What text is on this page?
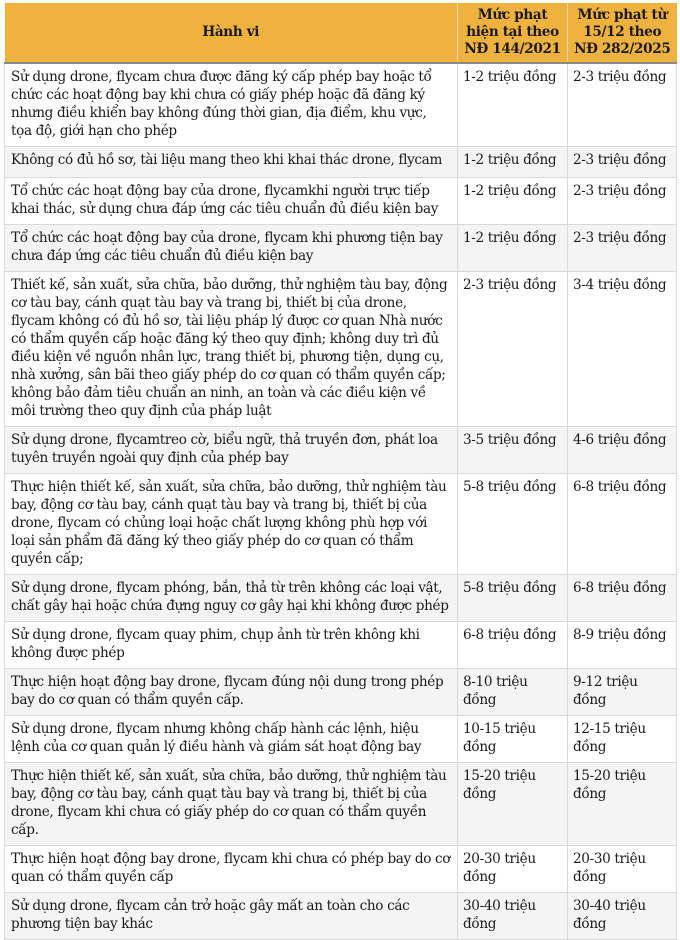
Hành vi	Mức phạt hiện tại theo NĐ 144/2021	Mức phạt từ 15/12 theo NĐ 282/2025
Sử dụng drone, flycam chưa được đăng ký cấp phép bay hoặc tổ chức các hoạt động bay khi chưa có giấy phép hoặc đã đăng ký nhưng điều khiển bay không đúng thời gian, địa điểm, khu vực, tọa độ, giới hạn cho phép	1-2 triệu đồng	2-3 triệu đồng
Không có đủ hồ sơ, tài liệu mang theo khi khai thác drone, flycam	1-2 triệu đồng	2-3 triệu đồng
Tổ chức các hoạt động bay của drone, flycamkhi người trực tiếp khai thác, sử dụng chưa đáp ứng các tiêu chuẩn đủ điều kiện bay	1-2 triệu đồng	2-3 triệu đồng
Tổ chức các hoạt động bay của drone, flycam khi phương tiện bay chưa đáp ứng các tiêu chuẩn đủ điều kiện bay	1-2 triệu đồng	2-3 triệu đồng
Thiết kế, sản xuất, sửa chữa, bảo dưỡng, thử nghiệm tàu bay, động cơ tàu bay, cánh quạt tàu bay và trang bị, thiết bị của drone, flycam không có đủ hồ sơ, tài liệu pháp lý được cơ quan Nhà nước có thẩm quyền cấp hoặc đăng ký theo quy định; không duy trì đủ điều kiện về nguồn nhân lực, trang thiết bị, phương tiện, dụng cụ, nhà xưởng, sân bãi theo giấy phép do cơ quan có thẩm quyền cấp; không bảo đảm tiêu chuẩn an ninh, an toàn và các điều kiện về môi trường theo quy định của pháp luật	2-3 triệu đồng	3-4 triệu đồng
Sử dụng drone, flycamtreo cờ, biểu ngữ, thả truyền đơn, phát loa tuyên truyền ngoài quy định của phép bay	3-5 triệu đồng	4-6 triệu đồng
Thực hiện thiết kế, sản xuất, sửa chữa, bảo dưỡng, thử nghiệm tàu bay, động cơ tàu bay, cánh quạt tàu bay và trang bị, thiết bị của drone, flycam có chủng loại hoặc chất lượng không phù hợp với loại sản phẩm đã đăng ký theo giấy phép do cơ quan có thẩm quyền cấp;	5-8 triệu đồng	6-8 triệu đồng
Sử dụng drone, flycam phóng, bắn, thả từ trên không các loại vật, chất gây hại hoặc chứa đựng nguy cơ gây hại khi không được phép	5-8 triệu đồng	6-8 triệu đồng
Sử dụng drone, flycam quay phim, chụp ảnh từ trên không khi không được phép	6-8 triệu đồng	8-9 triệu đồng
Thực hiện hoạt động bay drone, flycam đúng nội dung trong phép bay do cơ quan có thẩm quyền cấp.	8-10 triệu đồng	9-12 triệu đồng
Sử dụng drone, flycam nhưng không chấp hành các lệnh, hiệu lệnh của cơ quan quản lý điều hành và giám sát hoạt động bay	10-15 triệu đồng	12-15 triệu đồng
Thực hiện thiết kế, sản xuất, sửa chữa, bảo dưỡng, thử nghiệm tàu bay, động cơ tàu bay, cánh quạt tàu bay và trang bị, thiết bị của drone, flycam khi chưa có giấy phép do cơ quan có thẩm quyền cấp.	15-20 triệu đồng	15-20 triệu đồng
Thực hiện hoạt động bay drone, flycam khi chưa có phép bay do cơ quan có thẩm quyền cấp	20-30 triệu đồng	20-30 triệu đồng
Sử dụng drone, flycam cản trở hoặc gây mất an toàn cho các phương tiện bay khác	30-40 triệu đồng	30-40 triệu đồng
